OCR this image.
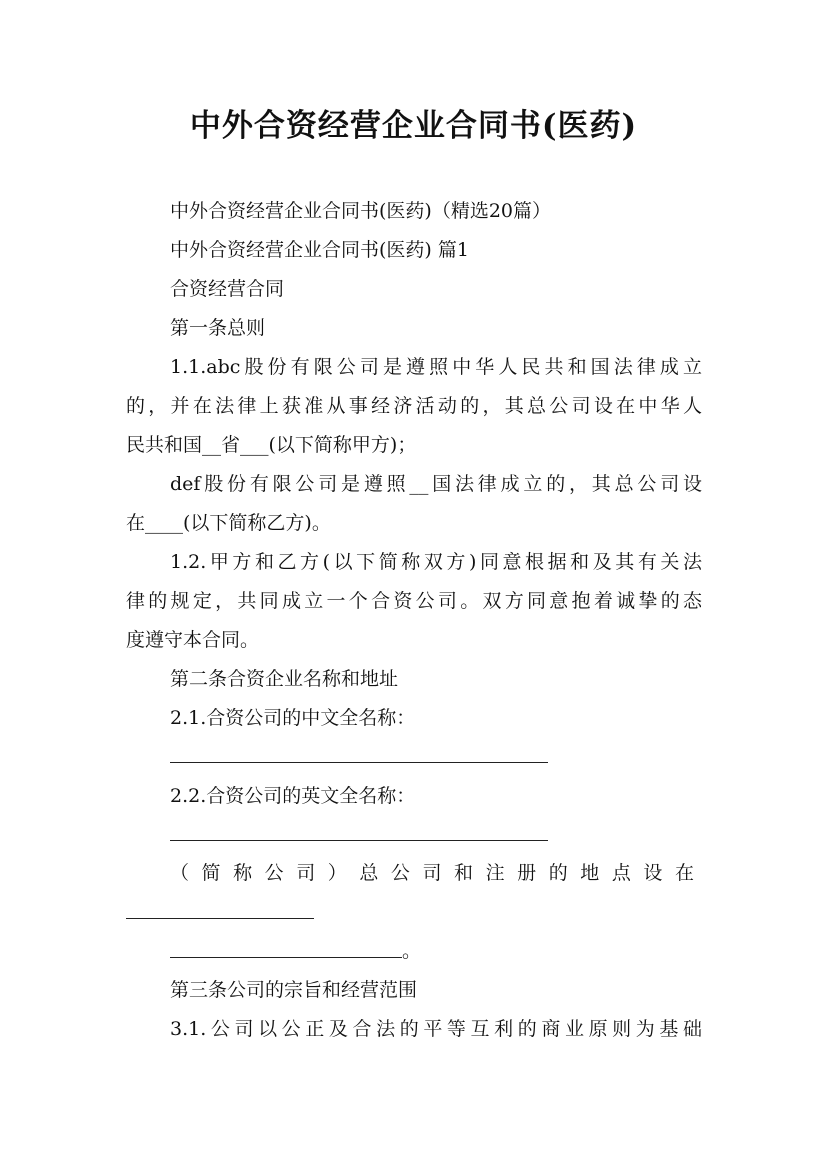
中外合资经营企业合同书(医药)
中外合资经营企业合同书(医药)（精选20篇）
中外合资经营企业合同书(医药) 篇1
合资经营合同
第一条总则
1.1.abc股份有限公司是遵照中华人民共和国法律成立
的，并在法律上获准从事经济活动的，其总公司设在中华人
民共和国__省___(以下简称甲方)；
def股份有限公司是遵照__国法律成立的，其总公司设
在____(以下简称乙方)。
1.2.甲方和乙方(以下简称双方)同意根据和及其有关法
律的规定，共同成立一个合资公司。双方同意抱着诚挚的态
度遵守本合同。
第二条合资企业名称和地址
2.1.合资公司的中文全名称：
2.2.合资公司的英文全名称：
（简称公司）总公司和注册的地点设在
。
第三条公司的宗旨和经营范围
3.1.公司以公正及合法的平等互利的商业原则为基础
